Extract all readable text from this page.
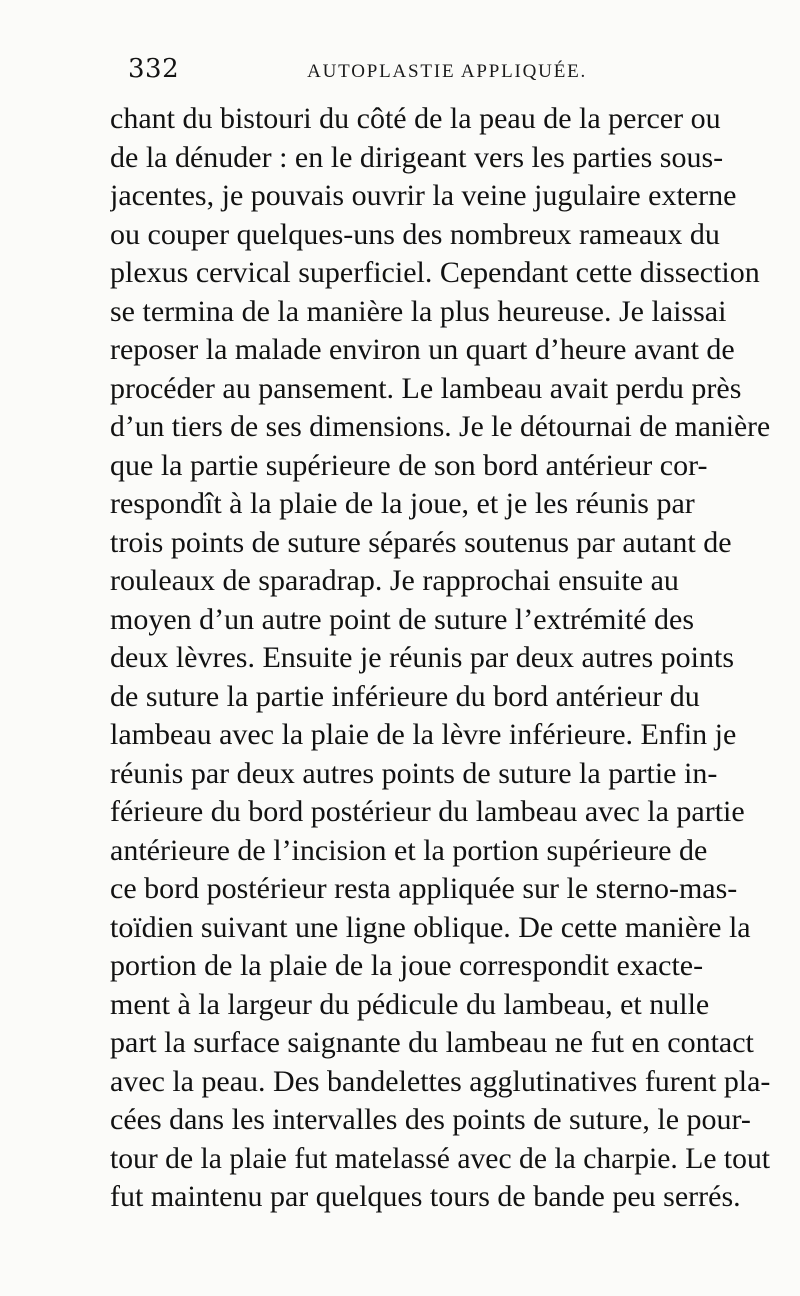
332	AUTOPLASTIE APPLIQUÉE.
chant du bistouri du côté de la peau de la percer ou
de la dénuder : en le dirigeant vers les parties sous-
jacentes, je pouvais ouvrir la veine jugulaire externe
ou couper quelques-uns des nombreux rameaux du
plexus cervical superficiel. Cependant cette dissection
se termina de la manière la plus heureuse. Je laissai
reposer la malade environ un quart d’heure avant de
procéder au pansement. Le lambeau avait perdu près
d’un tiers de ses dimensions. Je le détournai de manière
que la partie supérieure de son bord antérieur cor-
respondît à la plaie de la joue, et je les réunis par
trois points de suture séparés soutenus par autant de
rouleaux de sparadrap. Je rapprochai ensuite au
moyen d’un autre point de suture l’extrémité des
deux lèvres. Ensuite je réunis par deux autres points
de suture la partie inférieure du bord antérieur du
lambeau avec la plaie de la lèvre inférieure. Enfin je
réunis par deux autres points de suture la partie in-
férieure du bord postérieur du lambeau avec la partie
antérieure de l’incision et la portion supérieure de
ce bord postérieur resta appliquée sur le sterno-mas-
toïdien suivant une ligne oblique. De cette manière la
portion de la plaie de la joue correspondit exacte-
ment à la largeur du pédicule du lambeau, et nulle
part la surface saignante du lambeau ne fut en contact
avec la peau. Des bandelettes agglutinatives furent pla-
cées dans les intervalles des points de suture, le pour-
tour de la plaie fut matelassé avec de la charpie. Le tout
fut maintenu par quelques tours de bande peu serrés.
